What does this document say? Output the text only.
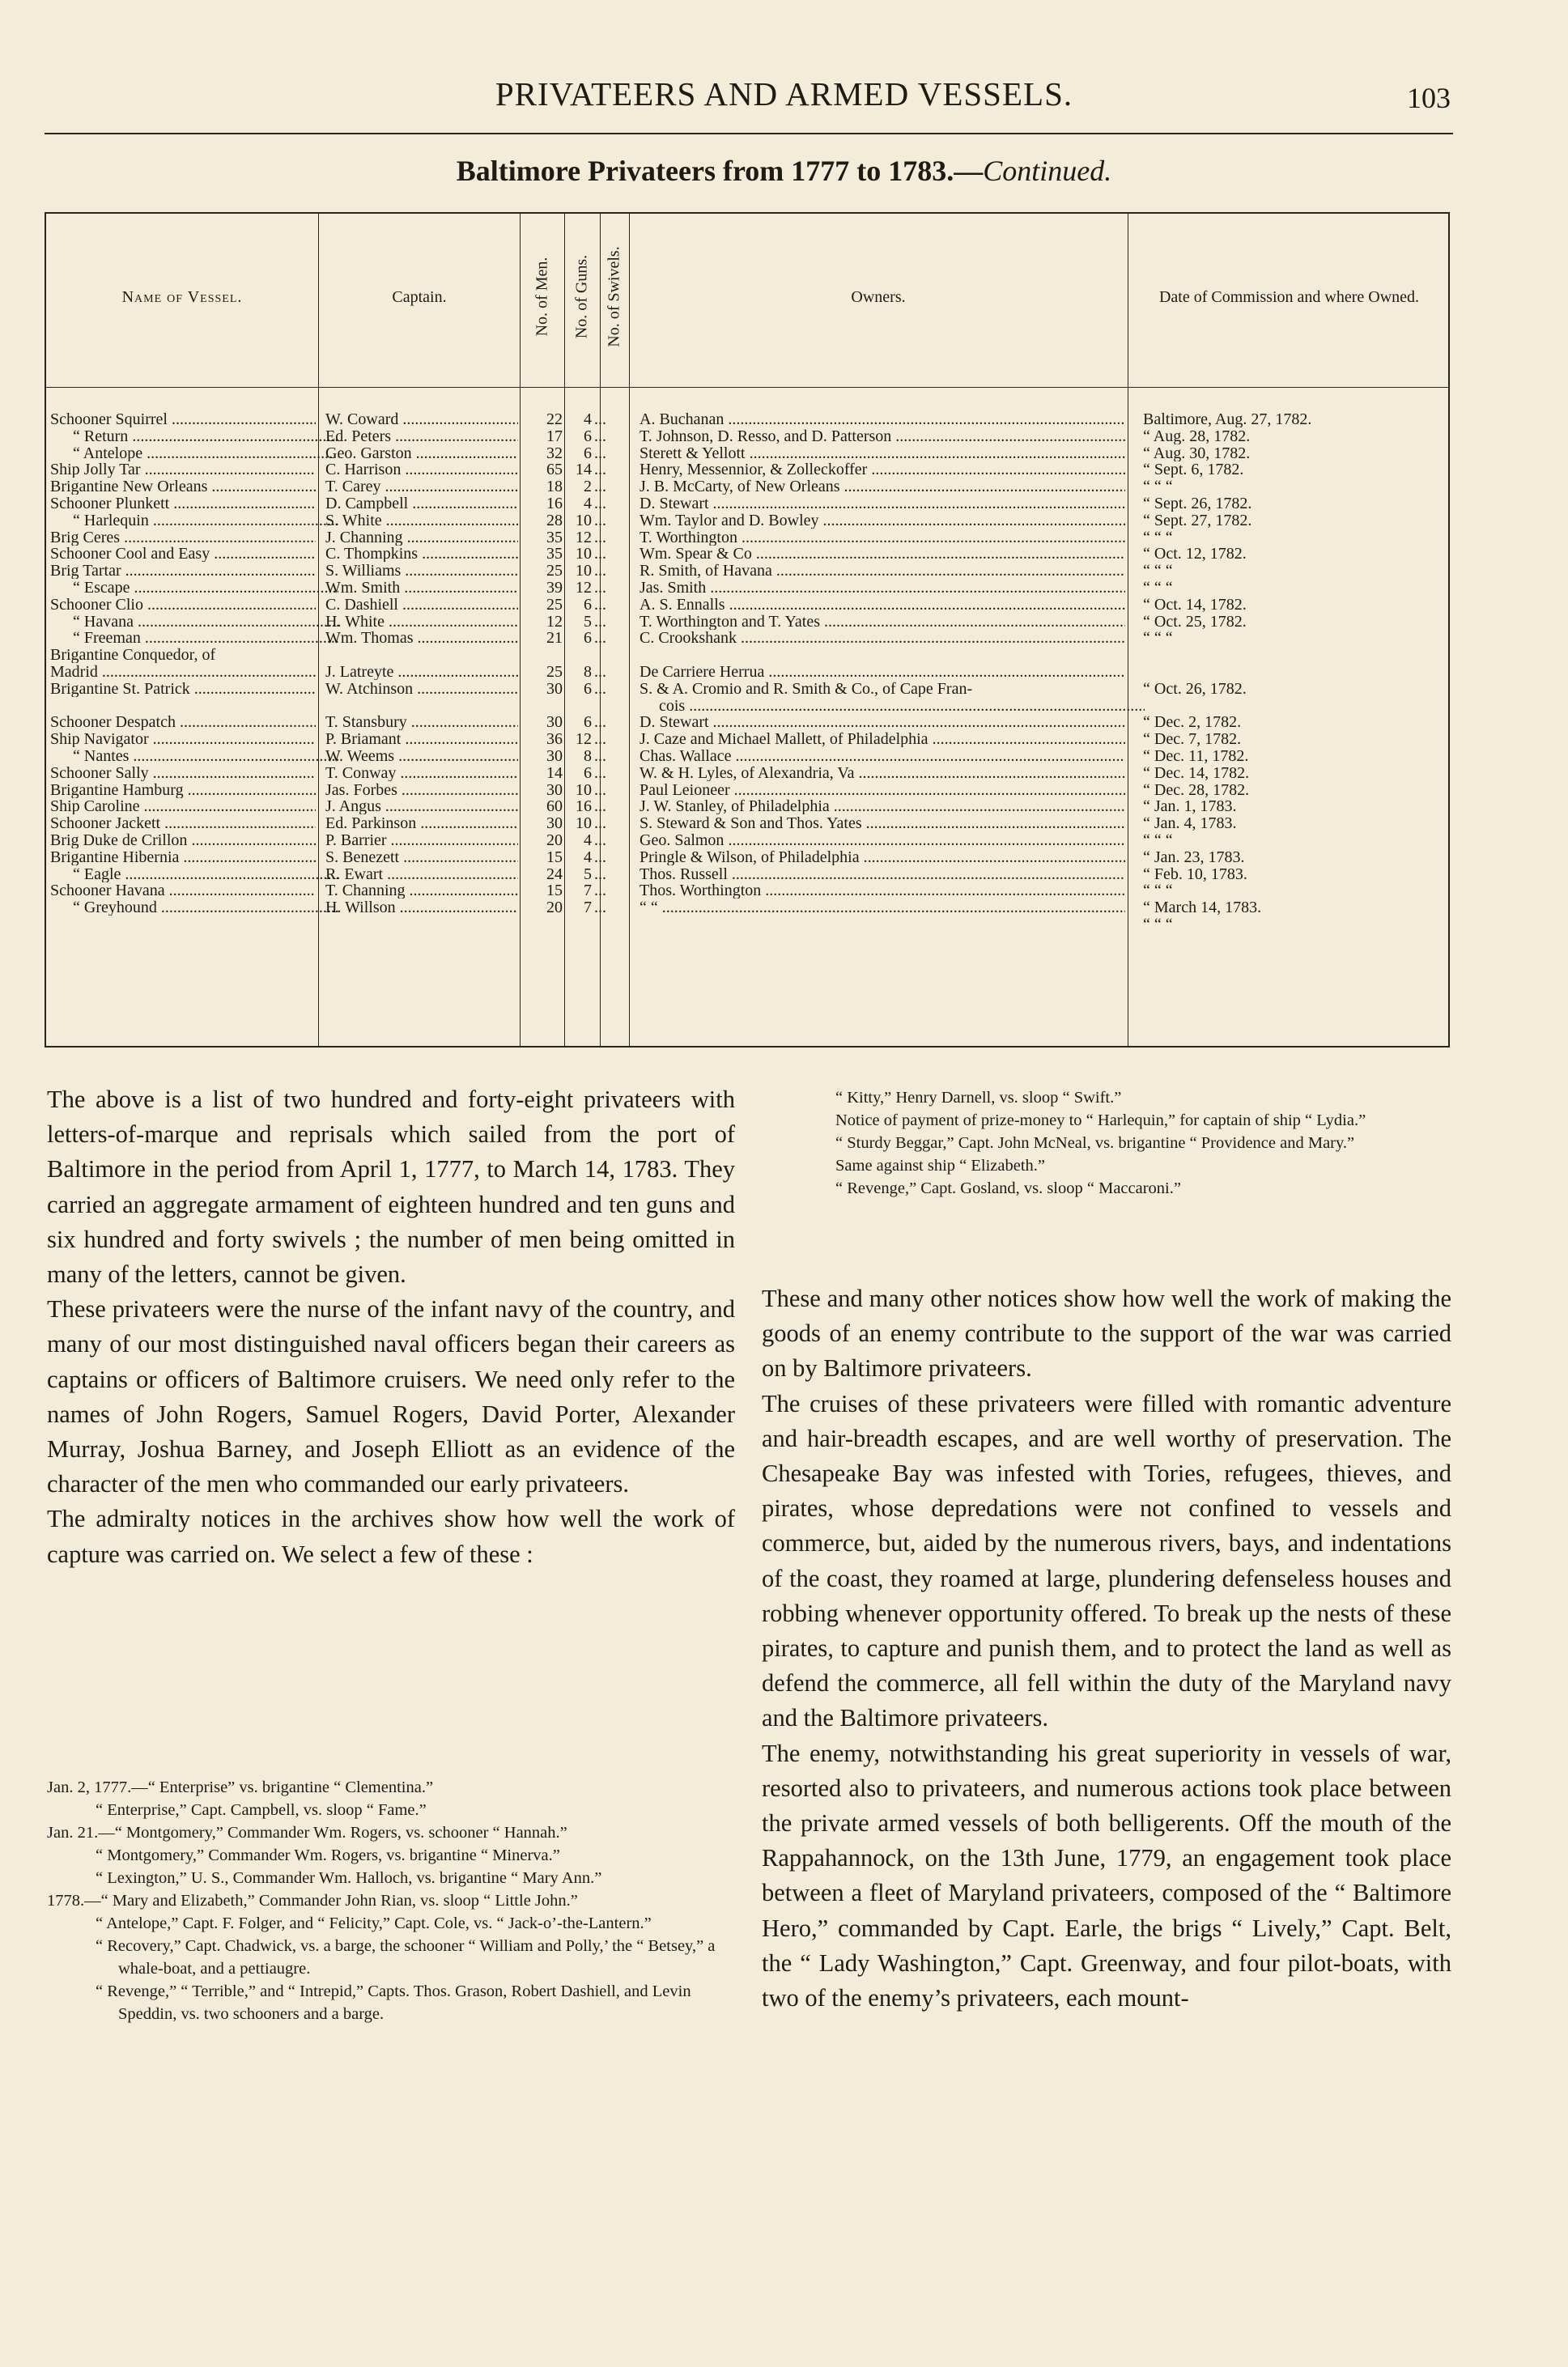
PRIVATEERS AND ARMED VESSELS.	103
Baltimore Privateers from 1777 to 1783.—Continued.
Name of Vessel.	Captain.	No. of Men. No. of Guns. No. of Swivels.	Owners.	Date of Commission and where Owned.
Schooner Squirrel .....	W. Coward .....	22	4 ...	A. Buchanan .....	Baltimore, Aug. 27, 1782.
“ Return .....	Ed. Peters .....	17	6 ...	T. Johnson, D. Resso, and D. Patterson .....	“ Aug. 28, 1782.
“ Antelope .....	Geo. Garston .....	32	6 ...	Sterett & Yellott .....	“ Aug. 30, 1782.
Ship Jolly Tar .....	C. Harrison .....	65 14 ...	Henry, Messennior, & Zolleckoffer .....	“ Sept. 6, 1782.
Brigantine New Orleans .....	T. Carey .....	18	2 ...	J. B. McCarty, of New Orleans .....	“ “ “
Schooner Plunkett .....	D. Campbell .....	16	4 ...	D. Stewart .....	“ Sept. 26, 1782.
“ Harlequin .....	S. White .....	28 10 ...	Wm. Taylor and D. Bowley .....	“ Sept. 27, 1782.
Brig Ceres .....	J. Channing .....	35 12 ...	T. Worthington .....	“ “ “
Schooner Cool and Easy .....	C. Thompkins .....	35 10 ...	Wm. Spear & Co .....	“ Oct. 12, 1782.
Brig Tartar .....	S. Williams .....	25 10 ...	R. Smith, of Havana .....	“ “ “
“ Escape .....	Wm. Smith .....	39 12 ...	Jas. Smith .....	“ “ “
Schooner Clio .....	C. Dashiell .....	25	6 ...	A. S. Ennalls .....	“ Oct. 14, 1782.
“ Havana .....	H. White .....	12	5 ...	T. Worthington and T. Yates .....	“ Oct. 25, 1782.
“ Freeman .....	Wm. Thomas .....	21	6 ...	C. Crookshank .....	“ “ “
Brigantine Conquedor, of
Madrid .....	J. Latreyte .....	25	8 ...	De Carriere Herrua .....
Brigantine St. Patrick .....	W. Atchinson .....	30	6 ...	S. & A. Cromio and R. Smith & Co., of Cape Fran-	“ Oct. 26, 1782.
cois .....
Schooner Despatch .....	T. Stansbury .....	30	6 ...	D. Stewart .....	“ Dec. 2, 1782.
Ship Navigator .....	P. Briamant .....	36 12 ...	J. Caze and Michael Mallett, of Philadelphia .....	“ Dec. 7, 1782.
“ Nantes .....	W. Weems .....	30	8 ...	Chas. Wallace .....	“ Dec. 11, 1782.
Schooner Sally .....	T. Conway .....	14	6 ...	W. & H. Lyles, of Alexandria, Va .....	“ Dec. 14, 1782.
Brigantine Hamburg .....	Jas. Forbes .....	30 10 ...	Paul Leioneer .....	“ Dec. 28, 1782.
Ship Caroline .....	J. Angus .....	60 16 ...	J. W. Stanley, of Philadelphia .....	“ Jan. 1, 1783.
Schooner Jackett .....	Ed. Parkinson .....	30 10 ...	S. Steward & Son and Thos. Yates .....	“ Jan. 4, 1783.
Brig Duke de Crillon .....	P. Barrier .....	20	4 ...	Geo. Salmon .....	“ “ “
Brigantine Hibernia .....	S. Benezett .....	15	4 ...	Pringle & Wilson, of Philadelphia .....	“ Jan. 23, 1783.
“ Eagle .....	R. Ewart .....	24	5 ...	Thos. Russell .....	“ Feb. 10, 1783.
Schooner Havana .....	T. Channing .....	15	7 ...	Thos. Worthington .....	“ “ “
“ Greyhound .....	H. Willson .....	20	7 ...	“ “ .....	“ March 14, 1783.
“ “ “

The above is a list of two hundred and forty-eight privateers with letters-of-marque and reprisals which sailed from the port of Baltimore in the period from April 1, 1777, to March 14, 1783. They carried an aggregate armament of eighteen hundred and ten guns and six hundred and forty swivels ; the number of men being omitted in many of the letters, cannot be given.

These privateers were the nurse of the infant navy of the country, and many of our most distinguished naval officers began their careers as captains or officers of Baltimore cruisers. We need only refer to the names of John Rogers, Samuel Rogers, David Porter, Alexander Murray, Joshua Barney, and Joseph Elliott as an evidence of the character of the men who commanded our early privateers.

The admiralty notices in the archives show how well the work of capture was carried on. We select a few of these :

Jan. 2, 1777.—“ Enterprise” vs. brigantine “ Clementina.”
“ Enterprise,” Capt. Campbell, vs. sloop “ Fame.”
Jan. 21.—“ Montgomery,” Commander Wm. Rogers, vs. schooner “ Hannah.”
“ Montgomery,” Commander Wm. Rogers, vs. brigantine “ Minerva.”
“ Lexington,” U. S., Commander Wm. Halloch, vs. brigantine “ Mary Ann.”
1778.—“ Mary and Elizabeth,” Commander John Rian, vs. sloop “ Little John.”
“ Antelope,” Capt. F. Folger, and “ Felicity,” Capt. Cole, vs. “ Jack-o’-the-Lantern.”
“ Recovery,” Capt. Chadwick, vs. a barge, the schooner “ William and Polly,’ the “ Betsey,” a whale-boat, and a pettiaugre.
“ Revenge,” “ Terrible,” and “ Intrepid,” Capts. Thos. Grason, Robert Dashiell, and Levin Speddin, vs. two schooners and a barge.
“ Kitty,” Henry Darnell, vs. sloop “ Swift.”
Notice of payment of prize-money to “ Harlequin,” for captain of ship “ Lydia.”
“ Sturdy Beggar,” Capt. John McNeal, vs. brigantine “ Providence and Mary.”
Same against ship “ Elizabeth.”
“ Revenge,” Capt. Gosland, vs. sloop “ Maccaroni.”

These and many other notices show how well the work of making the goods of an enemy contribute to the support of the war was carried on by Baltimore privateers.

The cruises of these privateers were filled with romantic adventure and hair-breadth escapes, and are well worthy of preservation. The Chesapeake Bay was infested with Tories, refugees, thieves, and pirates, whose depredations were not confined to vessels and commerce, but, aided by the numerous rivers, bays, and indentations of the coast, they roamed at large, plundering defenseless houses and robbing whenever opportunity offered. To break up the nests of these pirates, to capture and punish them, and to protect the land as well as defend the commerce, all fell within the duty of the Maryland navy and the Baltimore privateers.

The enemy, notwithstanding his great superiority in vessels of war, resorted also to privateers, and numerous actions took place between the private armed vessels of both belligerents. Off the mouth of the Rappahannock, on the 13th June, 1779, an engagement took place between a fleet of Maryland privateers, composed of the “ Baltimore Hero,” commanded by Capt. Earle, the brigs “ Lively,” Capt. Belt, the “ Lady Washington,” Capt. Greenway, and four pilot-boats, with two of the enemy’s privateers, each mount-
